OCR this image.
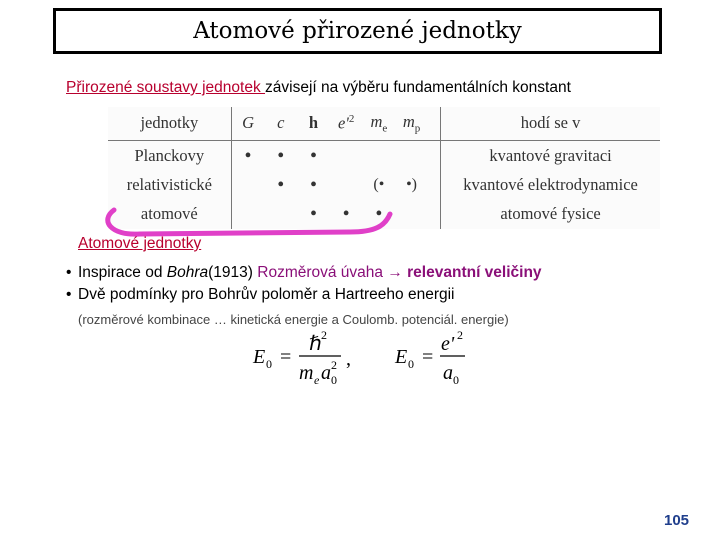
Atomové přirozené jednotky
Přirozené soustavy jednotek závisejí na výběru fundamentálních konstant
jednotky	G	c	h	$e'^2$	$m_e$	$m_p$		hodí se v
Planckovy	•	•	•					kvantové gravitaci
relativistické		•	•		(•	•)		kvantové elektrodynamice
atomové			•	•	•			atomové fysice
Atomové jednotky
• Inspirace od Bohra(1913) Rozměrová úvaha → relevantní veličiny
• Dvě podmínky pro Bohrův poloměr a Hartreeho energii
(rozměrové kombinace … kinetická energie a Coulomb. potenciál. energie)
E 0 =
ℏ 2
m e a 0
2 , E 0 =
e' 2
a 0
105
